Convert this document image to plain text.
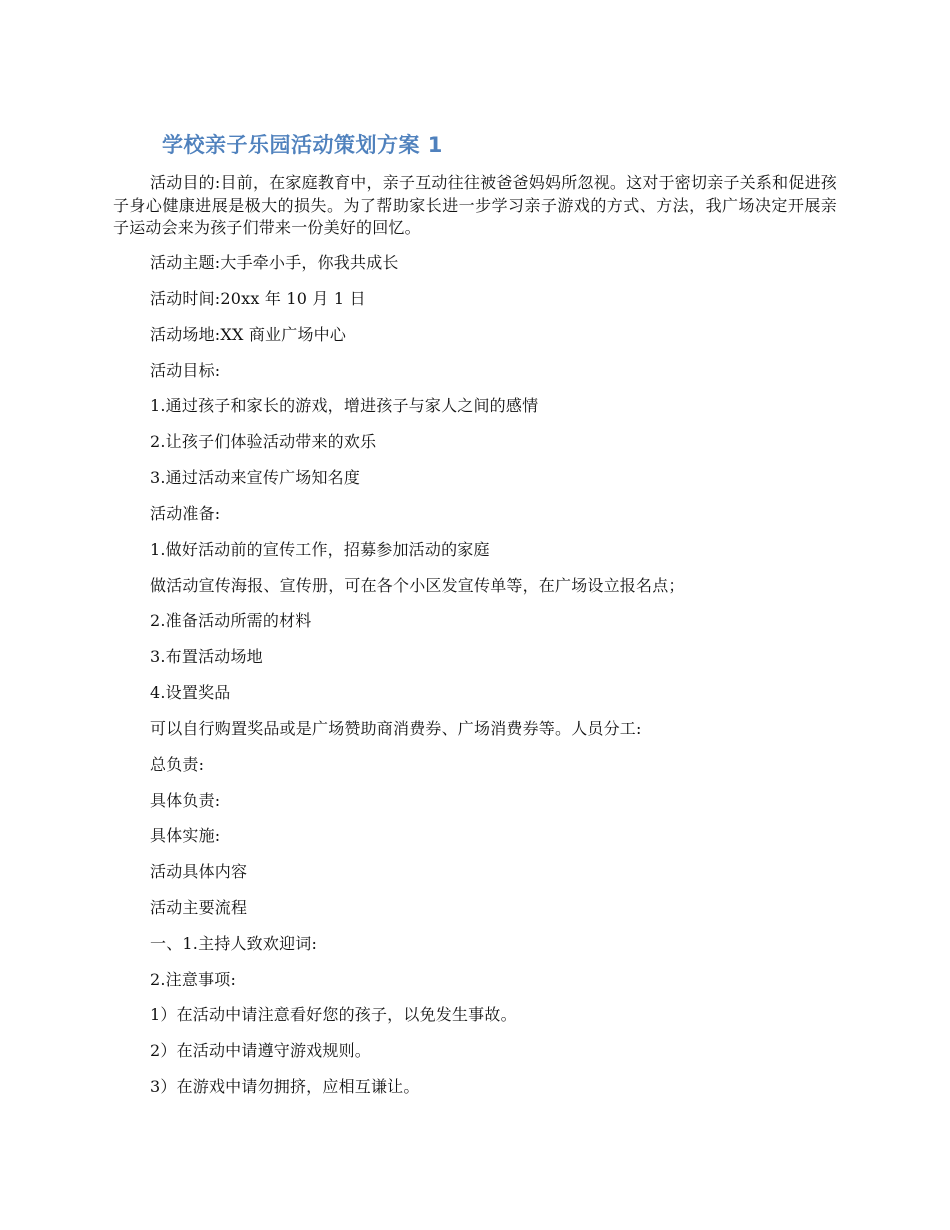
学校亲子乐园活动策划方案 1
活动目的:目前，在家庭教育中，亲子互动往往被爸爸妈妈所忽视。这对于密切亲子关系和促进孩子身心健康进展是极大的损失。为了帮助家长进一步学习亲子游戏的方式、方法，我广场决定开展亲子运动会来为孩子们带来一份美好的回忆。
活动主题:大手牵小手，你我共成长
活动时间:20xx 年 10 月 1 日
活动场地:XX 商业广场中心
活动目标:
1.通过孩子和家长的游戏，增进孩子与家人之间的感情
2.让孩子们体验活动带来的欢乐
3.通过活动来宣传广场知名度
活动准备:
1.做好活动前的宣传工作，招募参加活动的家庭
做活动宣传海报、宣传册，可在各个小区发宣传单等，在广场设立报名点；
2.准备活动所需的材料
3.布置活动场地
4.设置奖品
可以自行购置奖品或是广场赞助商消费券、广场消费券等。人员分工:
总负责:
具体负责:
具体实施:
活动具体内容
活动主要流程
一、1.主持人致欢迎词:
2.注意事项:
1）在活动中请注意看好您的孩子，以免发生事故。
2）在活动中请遵守游戏规则。
3）在游戏中请勿拥挤，应相互谦让。
